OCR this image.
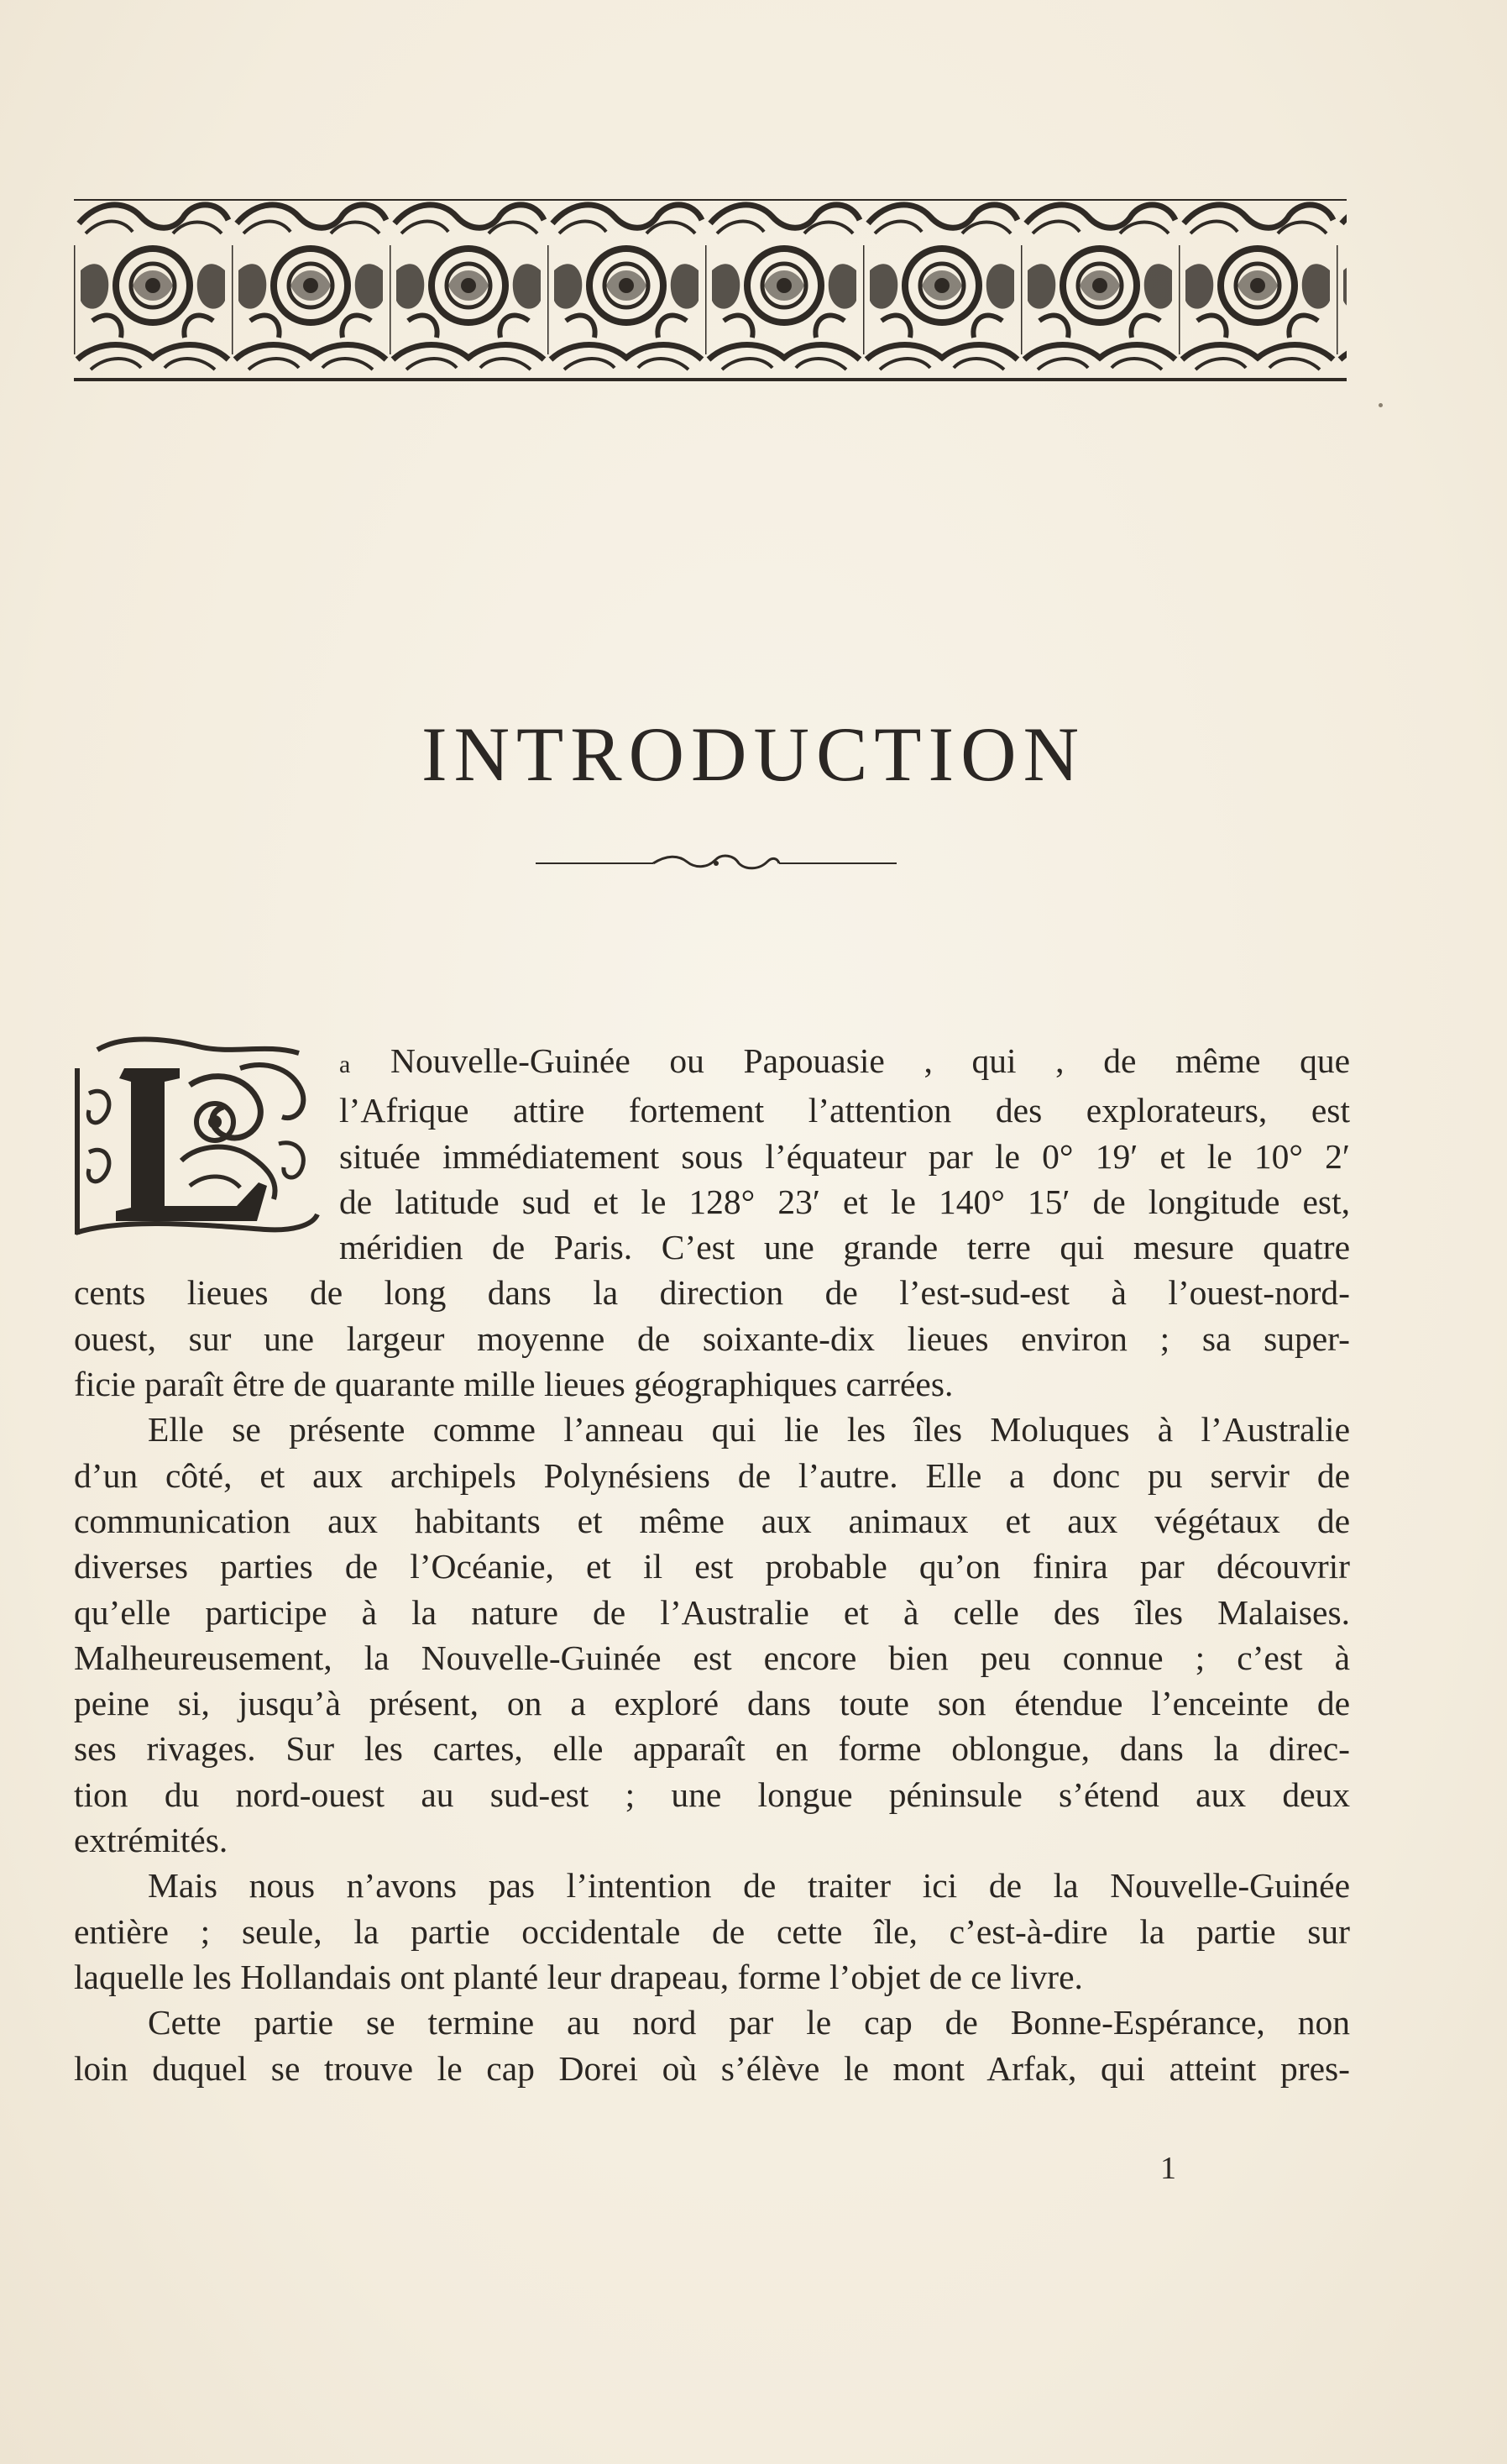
INTRODUCTION
L
a Nouvelle-Guinée ou Papouasie , qui , de même que
l’Afrique attire fortement l’attention des explorateurs, est
située immédiatement sous l’équateur par le 0° 19′ et le 10° 2′
de latitude sud et le 128° 23′ et le 140° 15′ de longitude est,
méridien de Paris. C’est une grande terre qui mesure quatre
cents lieues de long dans la direction de l’est-sud-est à l’ouest-nord-
ouest, sur une largeur moyenne de soixante-dix lieues environ ; sa super-
ficie paraît être de quarante mille lieues géographiques carrées.
Elle se présente comme l’anneau qui lie les îles Moluques à l’Australie
d’un côté, et aux archipels Polynésiens de l’autre. Elle a donc pu servir de
communication aux habitants et même aux animaux et aux végétaux de
diverses parties de l’Océanie, et il est probable qu’on finira par découvrir
qu’elle participe à la nature de l’Australie et à celle des îles Malaises.
Malheureusement, la Nouvelle-Guinée est encore bien peu connue ; c’est à
peine si, jusqu’à présent, on a exploré dans toute son étendue l’enceinte de
ses rivages. Sur les cartes, elle apparaît en forme oblongue, dans la direc-
tion du nord-ouest au sud-est ; une longue péninsule s’étend aux deux
extrémités.
Mais nous n’avons pas l’intention de traiter ici de la Nouvelle-Guinée
entière ; seule, la partie occidentale de cette île, c’est-à-dire la partie sur
laquelle les Hollandais ont planté leur drapeau, forme l’objet de ce livre.
Cette partie se termine au nord par le cap de Bonne-Espérance, non
loin duquel se trouve le cap Dorei où s’élève le mont Arfak, qui atteint pres-
1
